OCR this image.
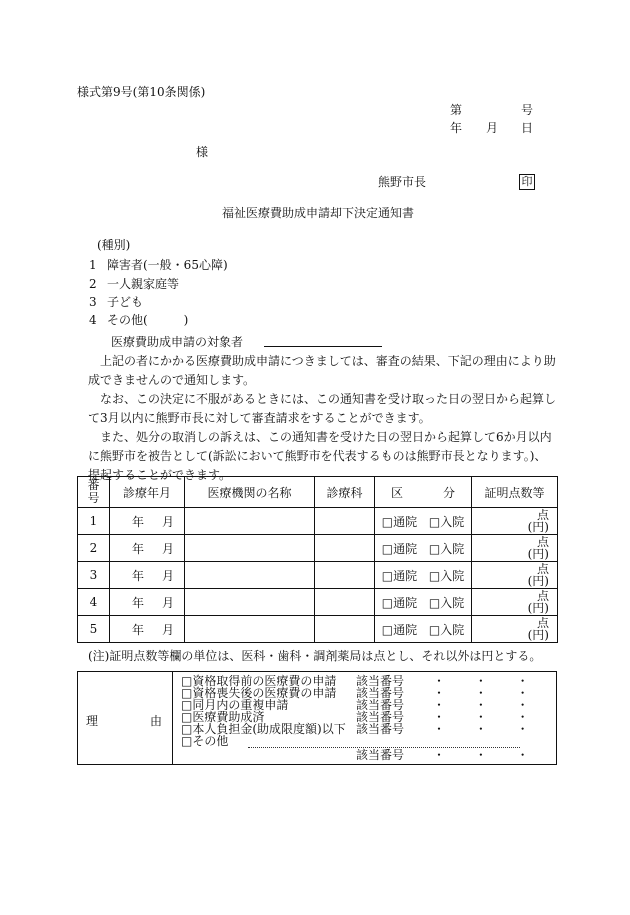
様式第9号(第10条関係)
第	号
年 月 日
様
熊野市長	印
福祉医療費助成申請却下決定通知書
(種別)
1 障害者(一般・65心障)
2 一人親家庭等
3 子ども
4 その他(　　　)
医療費助成申請の対象者

上記の者にかかる医療費助成申請につきましては、審査の結果、下記の理由により助成できませんので通知します。

なお、この決定に不服があるときには、この通知書を受け取った日の翌日から起算して3月以内に熊野市長に対して審査請求をすることができます。

また、処分の取消しの訴えは、この通知書を受けた日の翌日から起算して6か月以内に熊野市を被告として(訴訟において熊野市を代表するものは熊野市長となります。)、提起することができます。

番
号	診療年月	医療機関の名称	診療科	区 分	証明点数等
1	年 月			□通院 □入院	点
(円)
2	年 月			□通院 □入院	点
(円)
3	年 月			□通院 □入院	点
(円)
4	年 月			□通院 □入院	点
(円)
5	年 月			□通院 □入院	点
(円)
(注)証明点数等欄の単位は、医科・歯科・調剤薬局は点とし、それ以外は円とする。
理	由
□資格取得前の医療費の申請 該当番号 ・ ・ ・
□資格喪失後の医療費の申請 該当番号 ・ ・ ・
□同月内の重複申請	該当番号 ・ ・ ・
□医療費助成済	該当番号 ・ ・ ・
□本人負担金(助成限度額)以下 該当番号 ・ ・ ・
□その他
該当番号 ・ ・ ・
